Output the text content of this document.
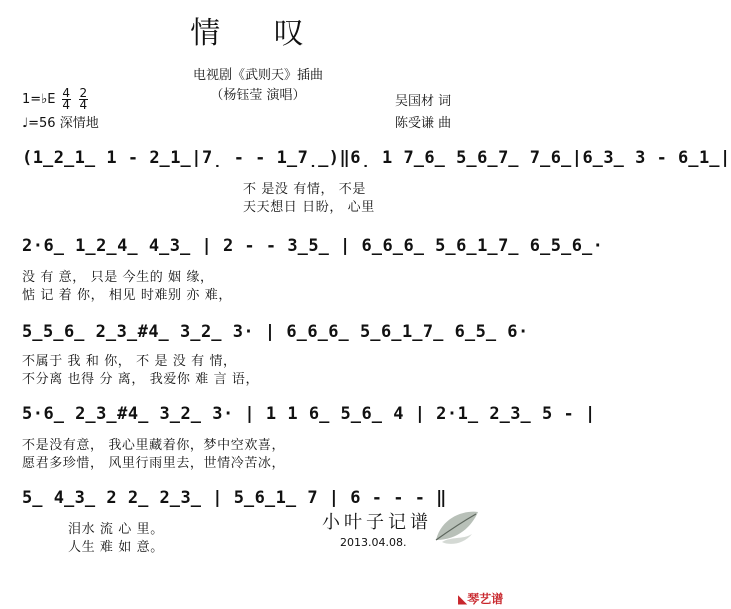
情 叹
电视剧《武则天》插曲
（杨钰莹 演唱）
1=♭E $\frac{4}{4}$
$\frac{2}{4}$
♩=56 深情地
吴国材 词
陈受谦 曲
(1̲2̲1̲ 1 - 2̲1̲|7̣ - - 1̲7̣̲)‖6̣ 1 7̲6̲ 5̲6̲7̲ 7̲6̲|6̲3̲ 3 - 6̲1̲|
不 是没 有情， 不是
天天想日 日盼， 心里
2·6̲ 1̲2̲4̲ 4̲3̲ | 2 - - 3̲5̲ | 6̲6̲6̲ 5̲6̲1̲7̲ 6̲5̲6̲·
没 有 意， 只是 今生的 姻 缘，
惦 记 着 你， 相见 时难别 亦 难，
5̲5̲6̲ 2̲3̲#4̲ 3̲2̲ 3· | 6̲6̲6̲ 5̲6̲1̲7̲ 6̲5̲ 6·
不属于 我 和 你， 不 是 没 有 情，
不分离 也得 分 离， 我爱你 难 言 语，
5·6̲ 2̲3̲#4̲ 3̲2̲ 3· | 1 1 6̲ 5̲6̲ 4 | 2·1̲ 2̲3̲ 5 - |
不是没有意， 我心里藏着你，梦中空欢喜，
愿君多珍惜， 风里行雨里去，世情冷苦冰，
5̲ 4̲3̲ 2 2̲ 2̲3̲ | 5̲6̲1̲ 7 | 6 - - - ‖
泪水 流 心 里。
人生 难 如 意。
小叶子记谱
2013.04.08.
◣琴艺谱
